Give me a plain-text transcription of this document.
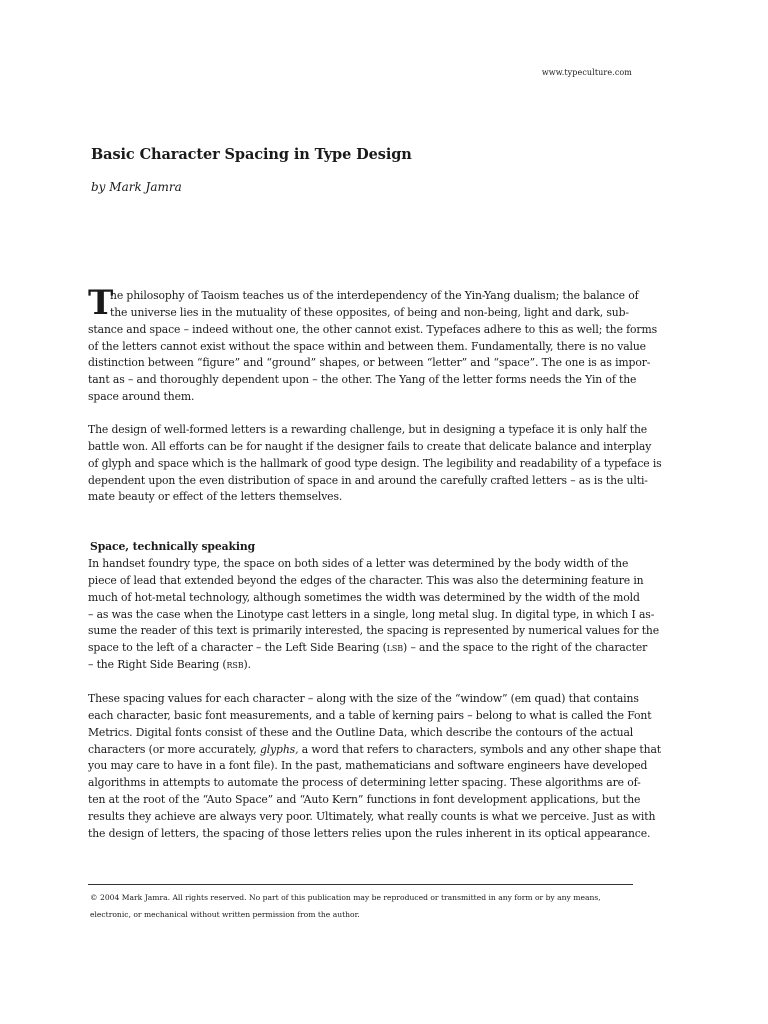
www.typeculture.com
Basic Character Spacing in Type Design
by Mark Jamra
T
he philosophy of Taoism teaches us of the interdependency of the Yin-Yang dualism; the balance of
the universe lies in the mutuality of these opposites, of being and non-being, light and dark, sub-
stance and space – indeed without one, the other cannot exist. Typefaces adhere to this as well; the forms
of the letters cannot exist without the space within and between them. Fundamentally, there is no value
distinction between “figure” and “ground” shapes, or between “letter” and “space”. The one is as impor-
tant as – and thoroughly dependent upon – the other. The Yang of the letter forms needs the Yin of the
space around them.
The design of well-formed letters is a rewarding challenge, but in designing a typeface it is only half the
battle won. All efforts can be for naught if the designer fails to create that delicate balance and interplay
of glyph and space which is the hallmark of good type design. The legibility and readability of a typeface is
dependent upon the even distribution of space in and around the carefully crafted letters – as is the ulti-
mate beauty or effect of the letters themselves.
Space, technically speaking
In handset foundry type, the space on both sides of a letter was determined by the body width of the
piece of lead that extended beyond the edges of the character. This was also the determining feature in
much of hot-metal technology, although sometimes the width was determined by the width of the mold
– as was the case when the Linotype cast letters in a single, long metal slug. In digital type, in which I as-
sume the reader of this text is primarily interested, the spacing is represented by numerical values for the
space to the left of a character – the Left Side Bearing (lsb) – and the space to the right of the character
– the Right Side Bearing (rsb).
These spacing values for each character – along with the size of the “window” (em quad) that contains
each character, basic font measurements, and a table of kerning pairs – belong to what is called the Font
Metrics. Digital fonts consist of these and the Outline Data, which describe the contours of the actual
characters (or more accurately, glyphs, a word that refers to characters, symbols and any other shape that
you may care to have in a font file). In the past, mathematicians and software engineers have developed
algorithms in attempts to automate the process of determining letter spacing. These algorithms are of-
ten at the root of the “Auto Space” and “Auto Kern” functions in font development applications, but the
results they achieve are always very poor. Ultimately, what really counts is what we perceive. Just as with
the design of letters, the spacing of those letters relies upon the rules inherent in its optical appearance.
© 2004 Mark Jamra. All rights reserved. No part of this publication may be reproduced or transmitted in any form or by any means,
electronic, or mechanical without written permission from the author.
